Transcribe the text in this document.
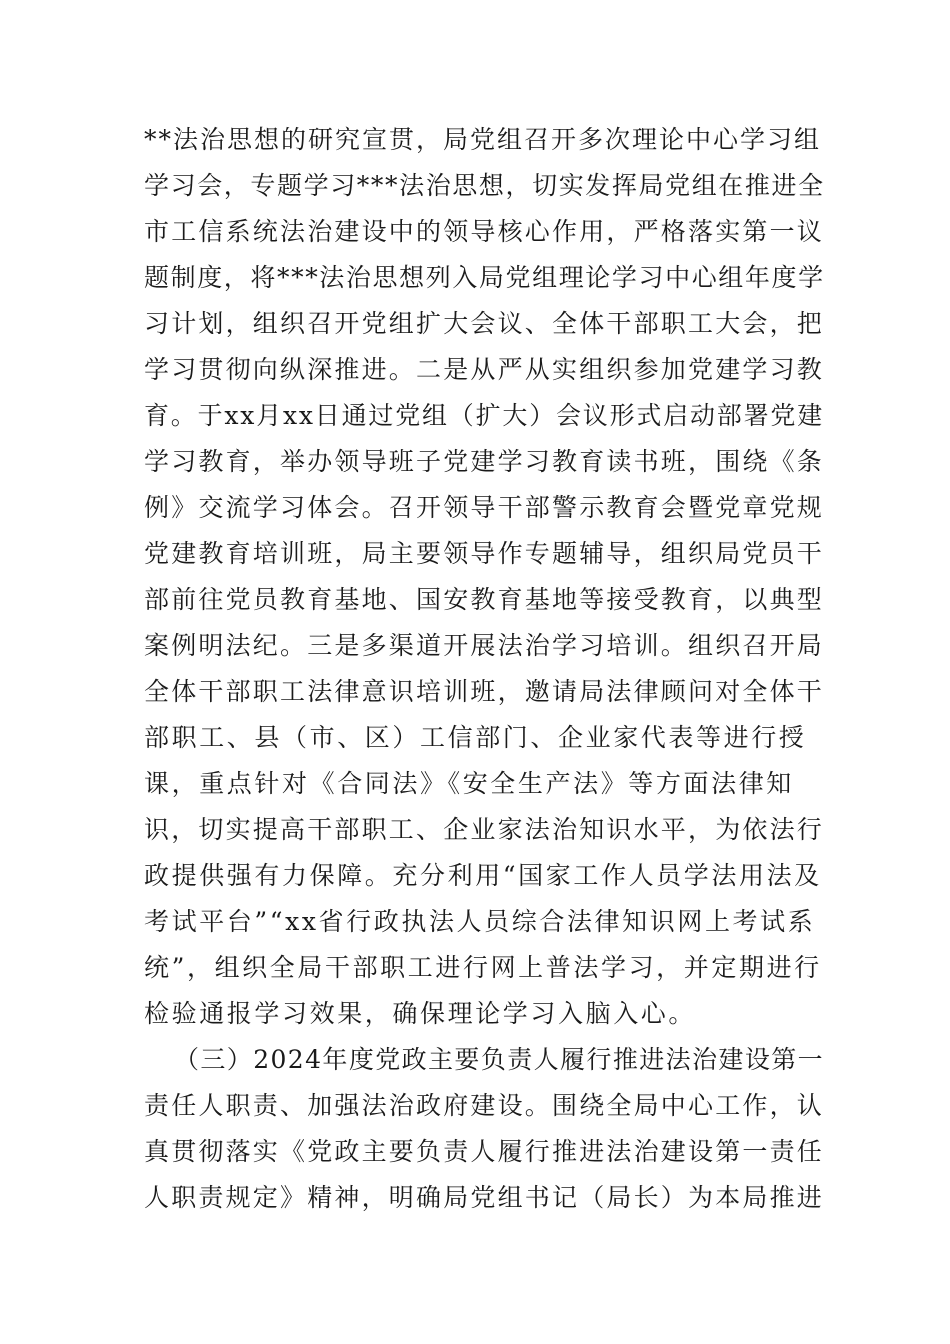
**法治思想的研究宣贯，局党组召开多次理论中心学习组
学习会，专题学习***法治思想，切实发挥局党组在推进全
市工信系统法治建设中的领导核心作用，严格落实第一议
题制度，将***法治思想列入局党组理论学习中心组年度学
习计划，组织召开党组扩大会议、全体干部职工大会，把
学习贯彻向纵深推进。二是从严从实组织参加党建学习教
育。于xx月xx日通过党组（扩大）会议形式启动部署党建
学习教育，举办领导班子党建学习教育读书班，围绕《条
例》交流学习体会。召开领导干部警示教育会暨党章党规
党建教育培训班，局主要领导作专题辅导，组织局党员干
部前往党员教育基地、国安教育基地等接受教育，以典型
案例明法纪。三是多渠道开展法治学习培训。组织召开局
全体干部职工法律意识培训班，邀请局法律顾问对全体干
部职工、县（市、区）工信部门、企业家代表等进行授
课，重点针对《合同法》《安全生产法》等方面法律知
识，切实提高干部职工、企业家法治知识水平，为依法行
政提供强有力保障。充分利用“国家工作人员学法用法及
考试平台”“xx省行政执法人员综合法律知识网上考试系
统”，组织全局干部职工进行网上普法学习，并定期进行
检验通报学习效果，确保理论学习入脑入心。
（三）2024年度党政主要负责人履行推进法治建设第一
责任人职责、加强法治政府建设。围绕全局中心工作，认
真贯彻落实《党政主要负责人履行推进法治建设第一责任
人职责规定》精神，明确局党组书记（局长）为本局推进
